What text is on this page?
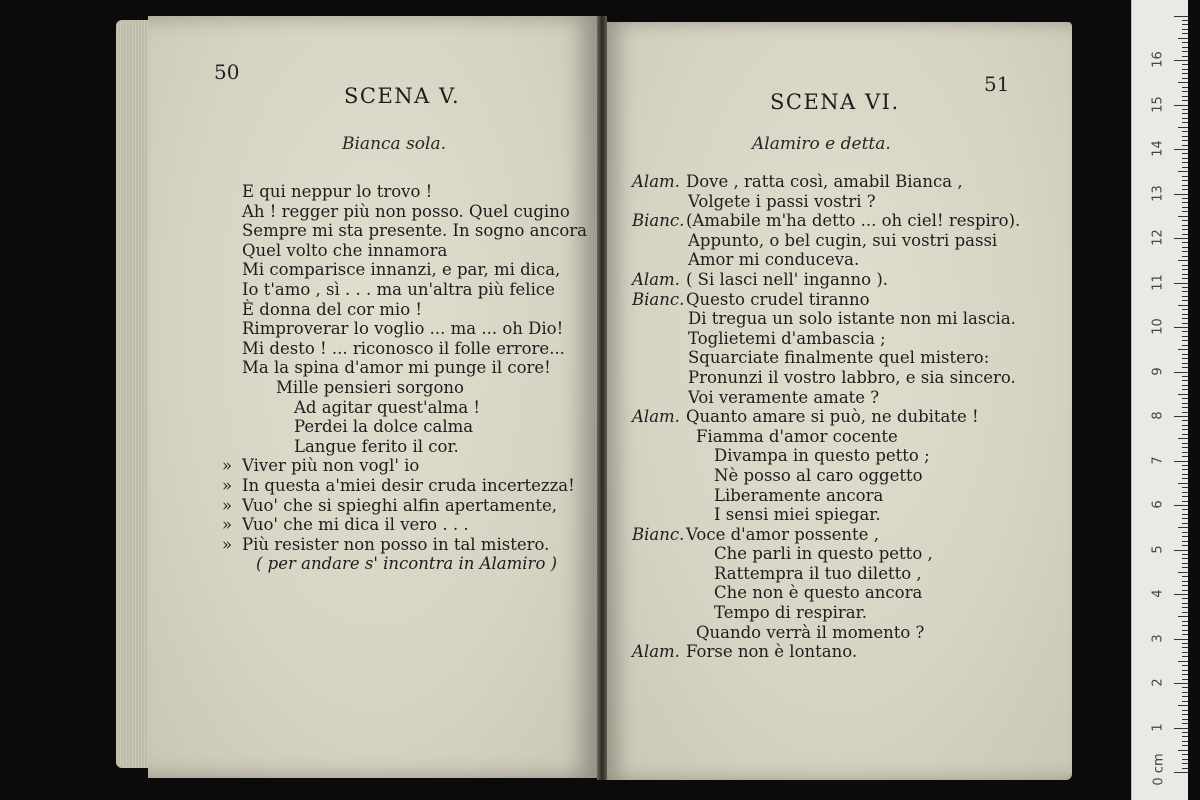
50
SCENA V.
Bianca sola.
E qui neppur lo trovo !
Ah ! regger più non posso. Quel cugino
Sempre mi sta presente. In sogno ancora
Quel volto che innamora
Mi comparisce innanzi, e par, mi dica,
Io t'amo , sì . . . ma un'altra più felice
È donna del cor mio !
Rimproverar lo voglio ... ma ... oh Dio!
Mi desto ! ... riconosco il folle errore...
Ma la spina d'amor mi punge il core!
Mille pensieri sorgono
Ad agitar quest'alma !
Perdei la dolce calma
Langue ferito il cor.
» Viver più non vogl' io
» In questa a'miei desir cruda incertezza!
» Vuo' che si spieghi alfin apertamente,
» Vuo' che mi dica il vero . . .
» Più resister non posso in tal mistero.
( per andare s' incontra in Alamiro )
51
SCENA VI.
Alamiro e detta.
Alam. Dove , ratta così, amabil Bianca ,
Volgete i passi vostri ?
Bianc.(Amabile m'ha detto ... oh ciel! respiro).
Appunto, o bel cugin, sui vostri passi
Amor mi conduceva.
Alam. ( Si lasci nell' inganno ).
Bianc.Questo crudel tiranno
Di tregua un solo istante non mi lascia.
Toglietemi d'ambascia ;
Squarciate finalmente quel mistero:
Pronunzi il vostro labbro, e sia sincero.
Voi veramente amate ?
Alam. Quanto amare si può, ne dubitate !
Fiamma d'amor cocente
Divampa in questo petto ;
Nè posso al caro oggetto
Liberamente ancora
I sensi miei spiegar.
Bianc.Voce d'amor possente ,
Che parli in questo petto ,
Rattempra il tuo diletto ,
Che non è questo ancora
Tempo di respirar.
Quando verrà il momento ?
Alam. Forse non è lontano.
0 cm
1
2
3
4
5
6
7
8
9
10
11
12
13
14
15
16
